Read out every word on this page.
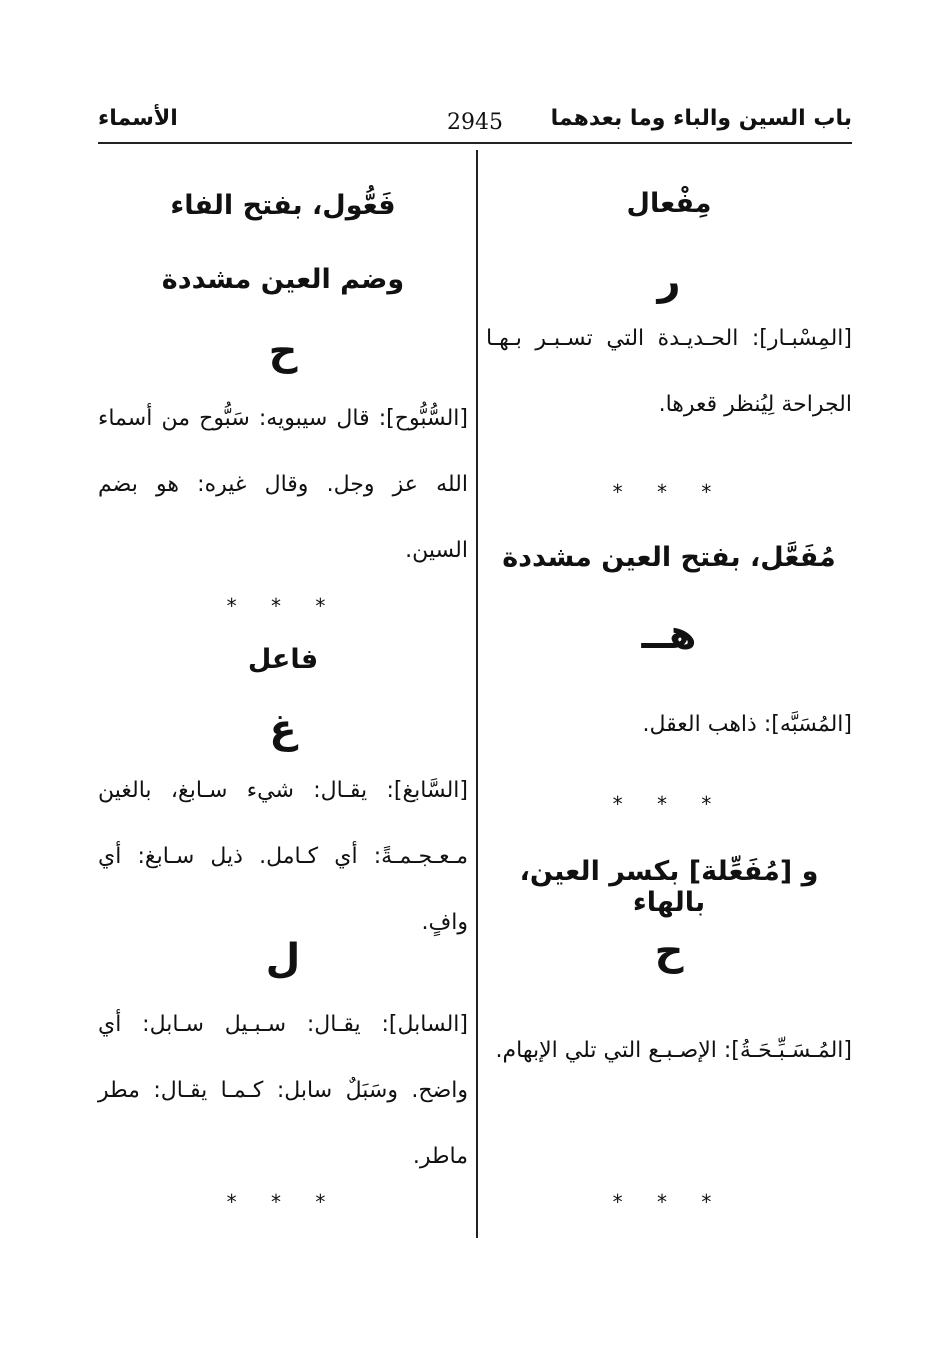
باب السين والباء وما بعدهما
2945
الأسماء
مِفْعال
ر
[المِسْبـار]: الحـديـدة التي تسـبـر بـهـا الجراحة لِيُنظر قعرها.
* * *
مُفَعَّل، بفتح العين مشددة
هــ
[المُسَبَّه]: ذاهب العقل.
* * *
و [مُفَعِّلة] بكسر العين، بالهاء
ح
[المُـسَـبِّـحَـةُ]: الإصـبـع التي تلي الإبهام.
* * *
فَعُّول، بفتح الفاء
وضم العين مشددة
ح
[السُّبُّوح]: قال سيبويه: سَبُّوح من أسماء الله عز وجل. وقال غيره: هو بضم السين.
* * *
فاعل
غ
[السَّابغ]: يقـال: شيء سـابغ، بالغين مـعـجـمـةً: أي كـامل. ذيل سـابغ: أي وافٍ.
ل
[السابل]: يقـال: سـبـيل سـابل: أي واضح. وسَبَلٌ سابل: كـمـا يقـال: مطر ماطر.
* * *
